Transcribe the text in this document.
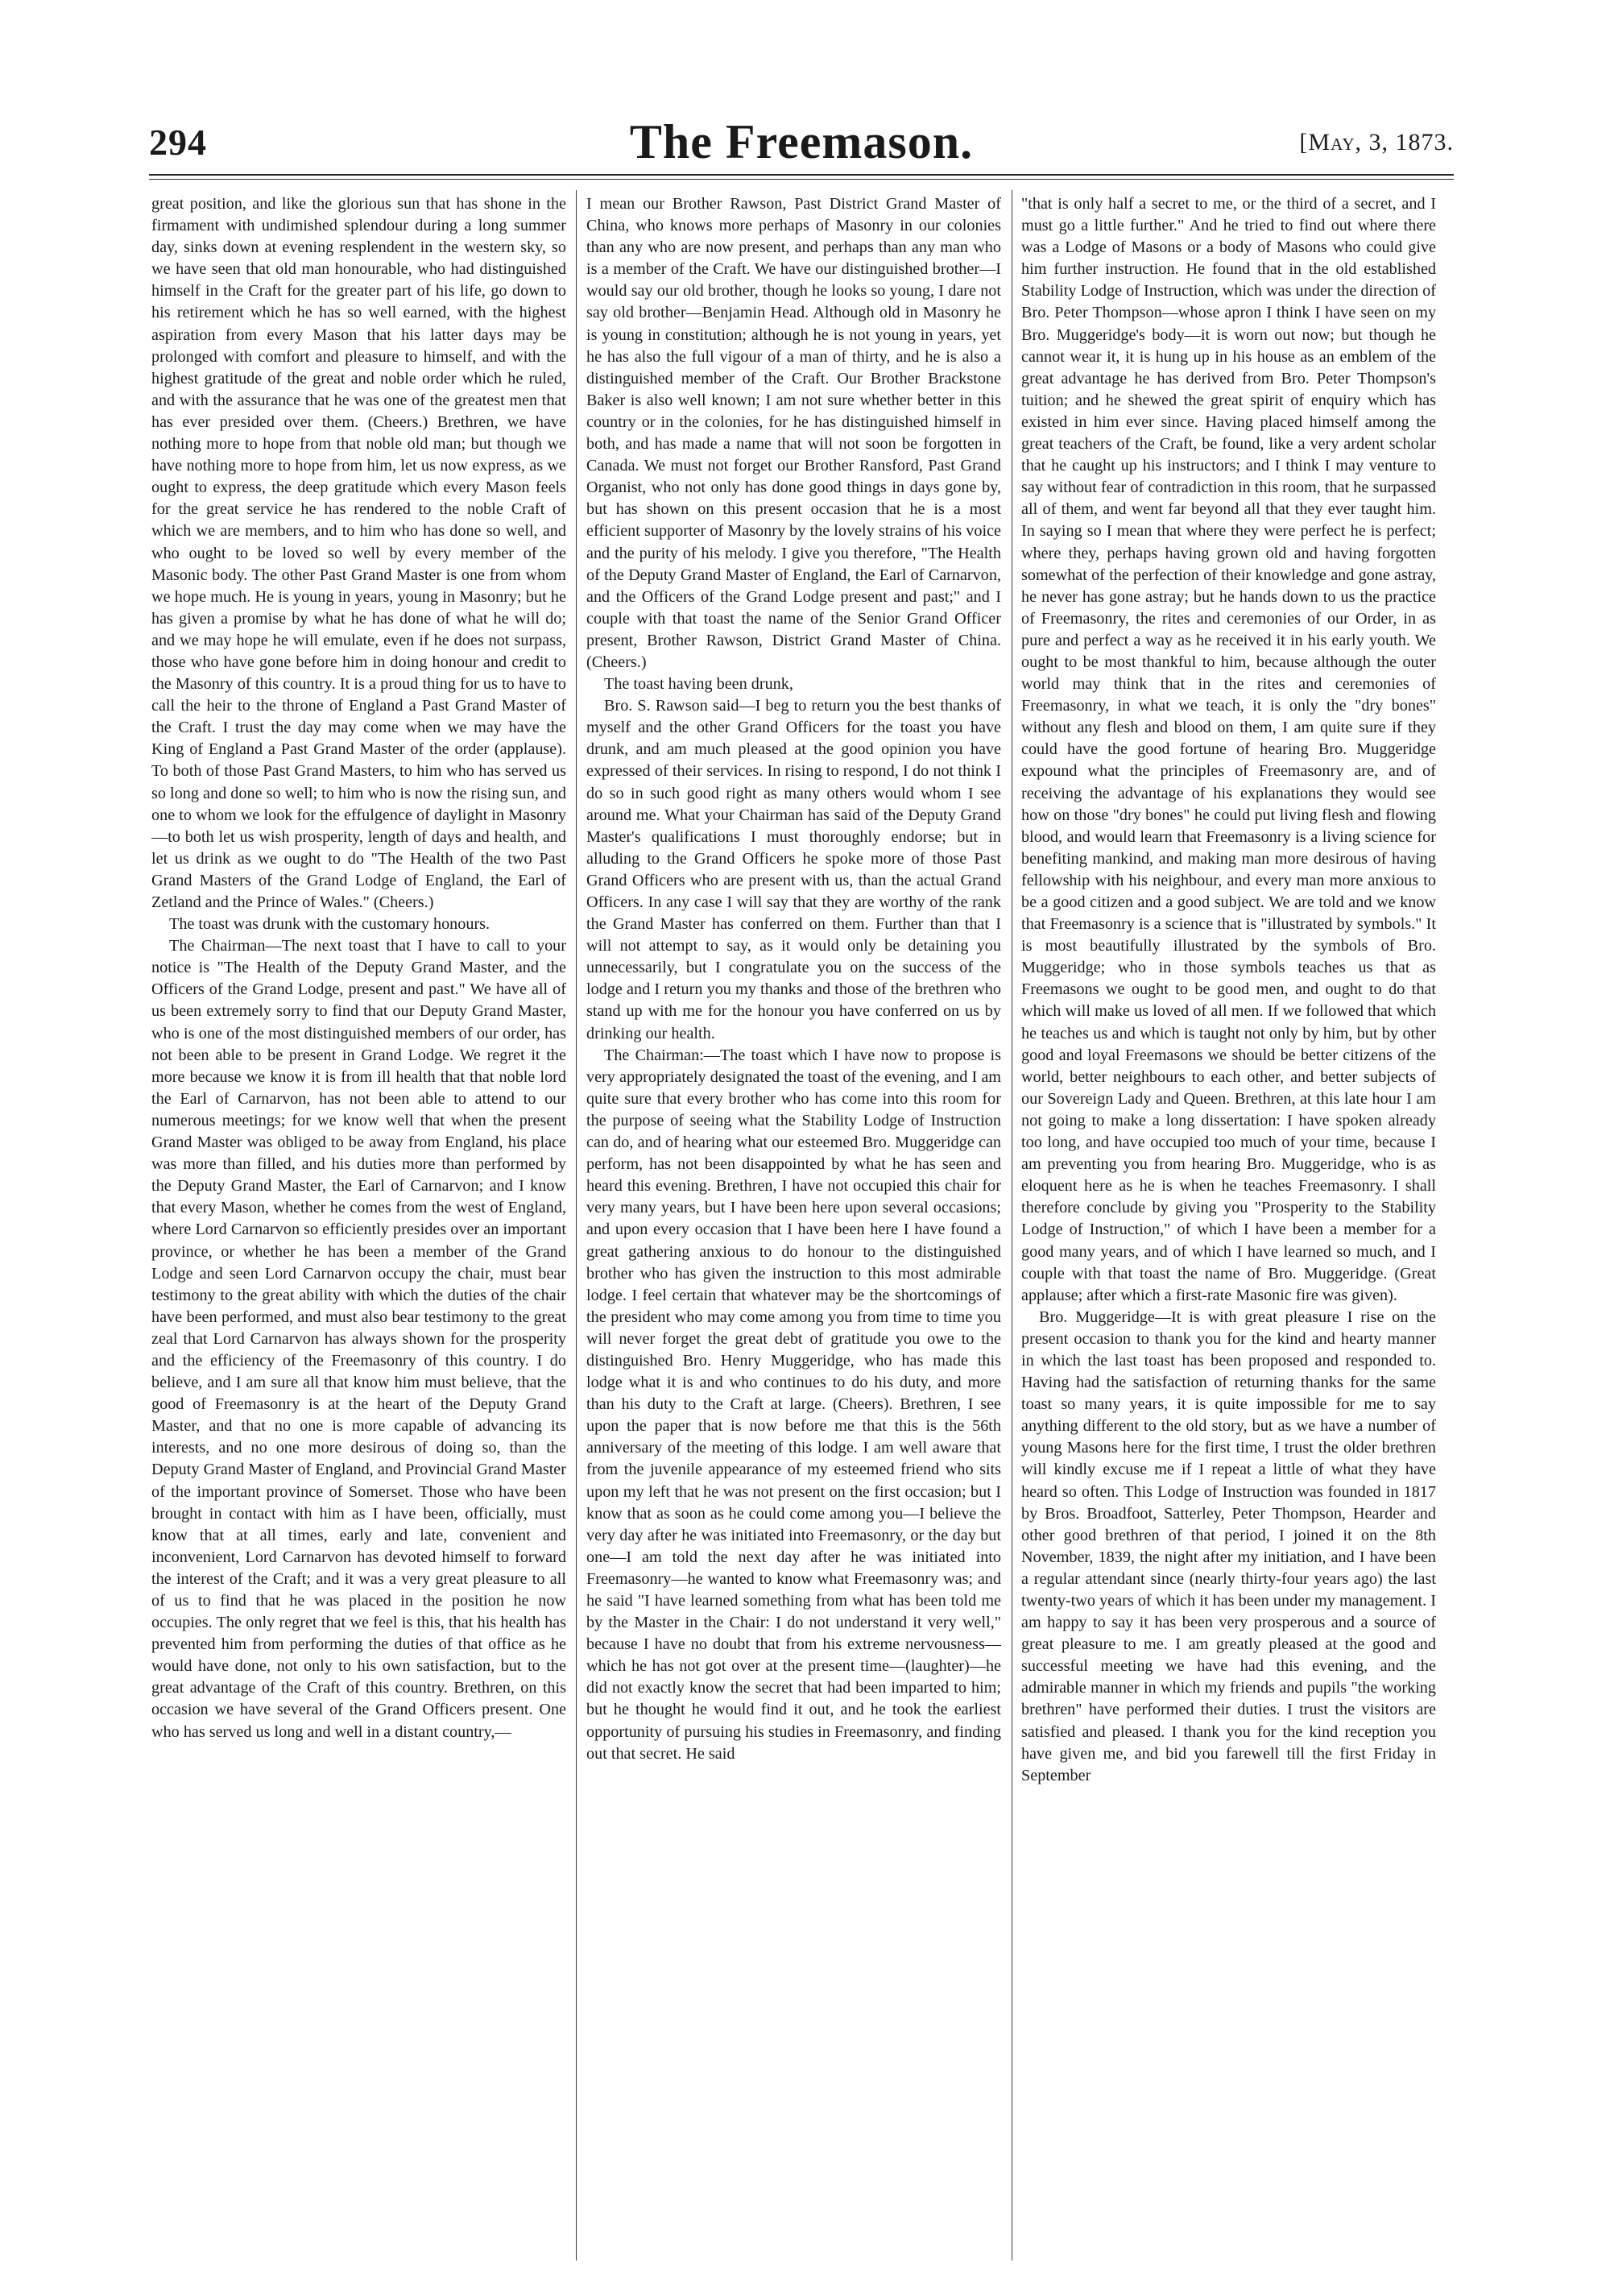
294	The Freemason.	[May, 3, 1873.

great position, and like the glorious sun that has shone in the firmament with undimished splendour during a long summer day, sinks down at evening resplendent in the western sky, so we have seen that old man honourable, who had distinguished himself in the Craft for the greater part of his life, go down to his retirement which he has so well earned, with the highest aspiration from every Mason that his latter days may be prolonged with comfort and pleasure to himself, and with the highest gratitude of the great and noble order which he ruled, and with the assurance that he was one of the greatest men that has ever presided over them. (Cheers.) Brethren, we have nothing more to hope from that noble old man; but though we have nothing more to hope from him, let us now express, as we ought to express, the deep gratitude which every Mason feels for the great service he has rendered to the noble Craft of which we are members, and to him who has done so well, and who ought to be loved so well by every member of the Masonic body. The other Past Grand Master is one from whom we hope much. He is young in years, young in Masonry; but he has given a promise by what he has done of what he will do; and we may hope he will emulate, even if he does not surpass, those who have gone before him in doing honour and credit to the Masonry of this country. It is a proud thing for us to have to call the heir to the throne of England a Past Grand Master of the Craft. I trust the day may come when we may have the King of England a Past Grand Master of the order (applause). To both of those Past Grand Masters, to him who has served us so long and done so well; to him who is now the rising sun, and one to whom we look for the effulgence of daylight in Masonry—to both let us wish prosperity, length of days and health, and let us drink as we ought to do "The Health of the two Past Grand Masters of the Grand Lodge of England, the Earl of Zetland and the Prince of Wales." (Cheers.)

The toast was drunk with the customary honours.

The Chairman—The next toast that I have to call to your notice is "The Health of the Deputy Grand Master, and the Officers of the Grand Lodge, present and past." We have all of us been extremely sorry to find that our Deputy Grand Master, who is one of the most distinguished members of our order, has not been able to be present in Grand Lodge. We regret it the more because we know it is from ill health that that noble lord the Earl of Carnarvon, has not been able to attend to our numerous meetings; for we know well that when the present Grand Master was obliged to be away from England, his place was more than filled, and his duties more than performed by the Deputy Grand Master, the Earl of Carnarvon; and I know that every Mason, whether he comes from the west of England, where Lord Carnarvon so efficiently presides over an important province, or whether he has been a member of the Grand Lodge and seen Lord Carnarvon occupy the chair, must bear testimony to the great ability with which the duties of the chair have been performed, and must also bear testimony to the great zeal that Lord Carnarvon has always shown for the prosperity and the efficiency of the Freemasonry of this country. I do believe, and I am sure all that know him must believe, that the good of Freemasonry is at the heart of the Deputy Grand Master, and that no one is more capable of advancing its interests, and no one more desirous of doing so, than the Deputy Grand Master of England, and Provincial Grand Master of the important province of Somerset. Those who have been brought in contact with him as I have been, officially, must know that at all times, early and late, convenient and inconvenient, Lord Carnarvon has devoted himself to forward the interest of the Craft; and it was a very great pleasure to all of us to find that he was placed in the position he now occupies. The only regret that we feel is this, that his health has prevented him from performing the duties of that office as he would have done, not only to his own satisfaction, but to the great advantage of the Craft of this country. Brethren, on this occasion we have several of the Grand Officers present. One who has served us long and well in a distant country,—

I mean our Brother Rawson, Past District Grand Master of China, who knows more perhaps of Masonry in our colonies than any who are now present, and perhaps than any man who is a member of the Craft. We have our distinguished brother—I would say our old brother, though he looks so young, I dare not say old brother—Benjamin Head. Although old in Masonry he is young in constitution; although he is not young in years, yet he has also the full vigour of a man of thirty, and he is also a distinguished member of the Craft. Our Brother Brackstone Baker is also well known; I am not sure whether better in this country or in the colonies, for he has distinguished himself in both, and has made a name that will not soon be forgotten in Canada. We must not forget our Brother Ransford, Past Grand Organist, who not only has done good things in days gone by, but has shown on this present occasion that he is a most efficient supporter of Masonry by the lovely strains of his voice and the purity of his melody. I give you therefore, "The Health of the Deputy Grand Master of England, the Earl of Carnarvon, and the Officers of the Grand Lodge present and past;" and I couple with that toast the name of the Senior Grand Officer present, Brother Rawson, District Grand Master of China. (Cheers.)

The toast having been drunk,

Bro. S. Rawson said—I beg to return you the best thanks of myself and the other Grand Officers for the toast you have drunk, and am much pleased at the good opinion you have expressed of their services. In rising to respond, I do not think I do so in such good right as many others would whom I see around me. What your Chairman has said of the Deputy Grand Master's qualifications I must thoroughly endorse; but in alluding to the Grand Officers he spoke more of those Past Grand Officers who are present with us, than the actual Grand Officers. In any case I will say that they are worthy of the rank the Grand Master has conferred on them. Further than that I will not attempt to say, as it would only be detaining you unnecessarily, but I congratulate you on the success of the lodge and I return you my thanks and those of the brethren who stand up with me for the honour you have conferred on us by drinking our health.

The Chairman:—The toast which I have now to propose is very appropriately designated the toast of the evening, and I am quite sure that every brother who has come into this room for the purpose of seeing what the Stability Lodge of Instruction can do, and of hearing what our esteemed Bro. Muggeridge can perform, has not been disappointed by what he has seen and heard this evening. Brethren, I have not occupied this chair for very many years, but I have been here upon several occasions; and upon every occasion that I have been here I have found a great gathering anxious to do honour to the distinguished brother who has given the instruction to this most admirable lodge. I feel certain that whatever may be the shortcomings of the president who may come among you from time to time you will never forget the great debt of gratitude you owe to the distinguished Bro. Henry Muggeridge, who has made this lodge what it is and who continues to do his duty, and more than his duty to the Craft at large. (Cheers). Brethren, I see upon the paper that is now before me that this is the 56th anniversary of the meeting of this lodge. I am well aware that from the juvenile appearance of my esteemed friend who sits upon my left that he was not present on the first occasion; but I know that as soon as he could come among you—I believe the very day after he was initiated into Freemasonry, or the day but one—I am told the next day after he was initiated into Freemasonry—he wanted to know what Freemasonry was; and he said "I have learned something from what has been told me by the Master in the Chair: I do not understand it very well," because I have no doubt that from his extreme nervousness—which he has not got over at the present time—(laughter)—he did not exactly know the secret that had been imparted to him; but he thought he would find it out, and he took the earliest opportunity of pursuing his studies in Freemasonry, and finding out that secret. He said

"that is only half a secret to me, or the third of a secret, and I must go a little further." And he tried to find out where there was a Lodge of Masons or a body of Masons who could give him further instruction. He found that in the old established Stability Lodge of Instruction, which was under the direction of Bro. Peter Thompson—whose apron I think I have seen on my Bro. Muggeridge's body—it is worn out now; but though he cannot wear it, it is hung up in his house as an emblem of the great advantage he has derived from Bro. Peter Thompson's tuition; and he shewed the great spirit of enquiry which has existed in him ever since. Having placed himself among the great teachers of the Craft, be found, like a very ardent scholar that he caught up his instructors; and I think I may venture to say without fear of contradiction in this room, that he surpassed all of them, and went far beyond all that they ever taught him. In saying so I mean that where they were perfect he is perfect; where they, perhaps having grown old and having forgotten somewhat of the perfection of their knowledge and gone astray, he never has gone astray; but he hands down to us the practice of Freemasonry, the rites and ceremonies of our Order, in as pure and perfect a way as he received it in his early youth. We ought to be most thankful to him, because although the outer world may think that in the rites and ceremonies of Freemasonry, in what we teach, it is only the "dry bones" without any flesh and blood on them, I am quite sure if they could have the good fortune of hearing Bro. Muggeridge expound what the principles of Freemasonry are, and of receiving the advantage of his explanations they would see how on those "dry bones" he could put living flesh and flowing blood, and would learn that Freemasonry is a living science for benefiting mankind, and making man more desirous of having fellowship with his neighbour, and every man more anxious to be a good citizen and a good subject. We are told and we know that Freemasonry is a science that is "illustrated by symbols." It is most beautifully illustrated by the symbols of Bro. Muggeridge; who in those symbols teaches us that as Freemasons we ought to be good men, and ought to do that which will make us loved of all men. If we followed that which he teaches us and which is taught not only by him, but by other good and loyal Freemasons we should be better citizens of the world, better neighbours to each other, and better subjects of our Sovereign Lady and Queen. Brethren, at this late hour I am not going to make a long dissertation: I have spoken already too long, and have occupied too much of your time, because I am preventing you from hearing Bro. Muggeridge, who is as eloquent here as he is when he teaches Freemasonry. I shall therefore conclude by giving you "Prosperity to the Stability Lodge of Instruction," of which I have been a member for a good many years, and of which I have learned so much, and I couple with that toast the name of Bro. Muggeridge. (Great applause; after which a first-rate Masonic fire was given).

Bro. Muggeridge—It is with great pleasure I rise on the present occasion to thank you for the kind and hearty manner in which the last toast has been proposed and responded to. Having had the satisfaction of returning thanks for the same toast so many years, it is quite impossible for me to say anything different to the old story, but as we have a number of young Masons here for the first time, I trust the older brethren will kindly excuse me if I repeat a little of what they have heard so often. This Lodge of Instruction was founded in 1817 by Bros. Broadfoot, Satterley, Peter Thompson, Hearder and other good brethren of that period, I joined it on the 8th November, 1839, the night after my initiation, and I have been a regular attendant since (nearly thirty-four years ago) the last twenty-two years of which it has been under my management. I am happy to say it has been very prosperous and a source of great pleasure to me. I am greatly pleased at the good and successful meeting we have had this evening, and the admirable manner in which my friends and pupils "the working brethren" have performed their duties. I trust the visitors are satisfied and pleased. I thank you for the kind reception you have given me, and bid you farewell till the first Friday in September
